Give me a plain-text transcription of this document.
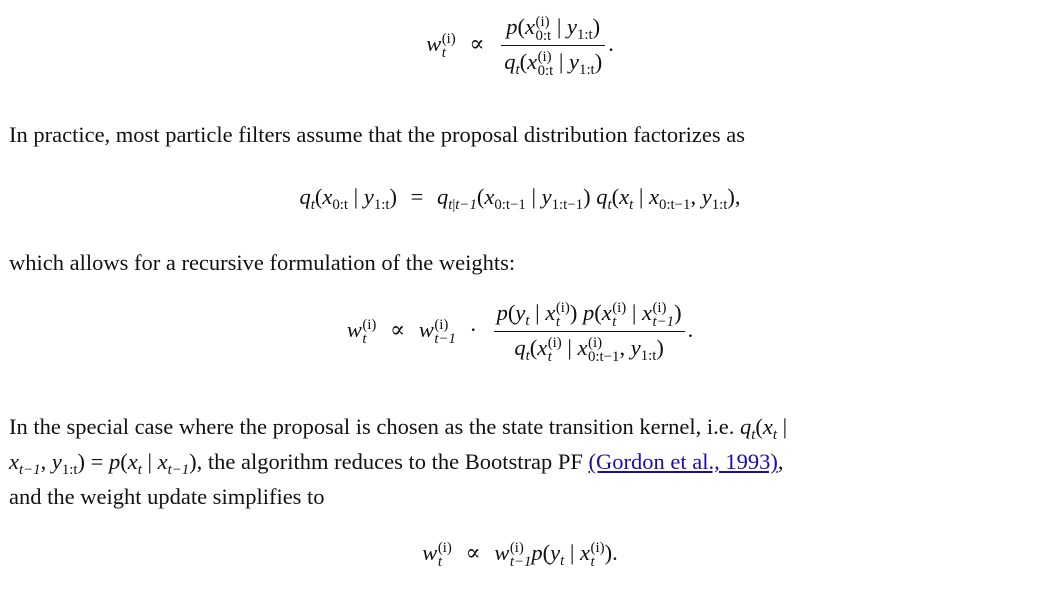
w (i)
t	∝ p(x (i)
0:t | $y_{1:t}$)
$q_t(x$ (i)
0:t | $y_{1:t}$) .

In practice, most particle filters assume that the proposal distribution factorizes as

$q_t(x_{0:t}$ | $y_{1:t}) = q_{t|t-1}(x_{0:t-1}$ | $y_{1:t-1}$) $q_t(x_t$ | $x_{0:t-1}$, $y_{1:t}$),

which allows for a recursive formulation of the weights:

w (i)
t	∝ w (i)
$t-1 \cdot p(y_t$ | x (i)
t ) p(x (i)
t | x (i)
t−1 )
$q_t(x$ (i)
t | x (i)
0:t−1 , $y_{1:t}$) .

In the special case where the proposal is chosen as the state transition kernel, i.e. $q_t(x_t$ |

$x_{t-1}$, $y_{1:t}) = p(x_t$ | $x_{t-1}$), the algorithm reduces to the Bootstrap PF (Gordon et al., 1993),

and the weight update simplifies to

w (i)
t	∝ w (i)
t−1 $p(y_t$ | x (i)
t ).
